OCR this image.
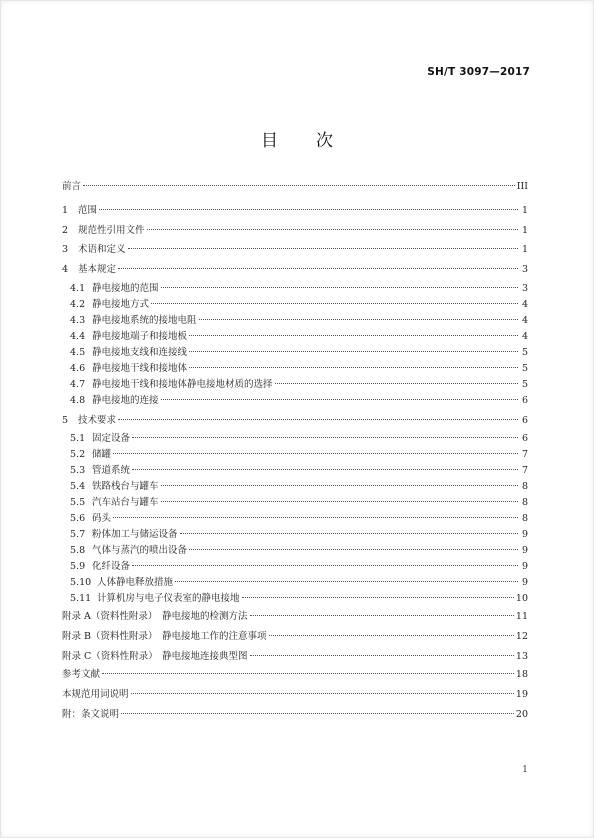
SH/T 3097—2017
目 次
前言	III
1	范围	1
2	规范性引用文件	1
3	术语和定义	1
4	基本规定	3
4.1 静电接地的范围	3
4.2 静电接地方式	4
4.3 静电接地系统的接地电阻	4
4.4 静电接地端子和接地板	4
4.5 静电接地支线和连接线	5
4.6 静电接地干线和接地体	5
4.7 静电接地干线和接地体静电接地材质的选择	5
4.8 静电接地的连接	6
5	技术要求	6
5.1 固定设备	6
5.2 储罐	7
5.3 管道系统	7
5.4 铁路栈台与罐车	8
5.5 汽车站台与罐车	8
5.6 码头	8
5.7 粉体加工与储运设备	9
5.8 气体与蒸汽的喷出设备	9
5.9 化纤设备	9
5.10 人体静电释放措施	9
5.11 计算机房与电子仪表室的静电接地	10
附录 A（资料性附录） 静电接地的检测方法	11
附录 B（资料性附录） 静电接地工作的注意事项	12
附录 C（资料性附录） 静电接地连接典型图	13
参考文献	18
本规范用词说明	19
附：条文说明	20
1
